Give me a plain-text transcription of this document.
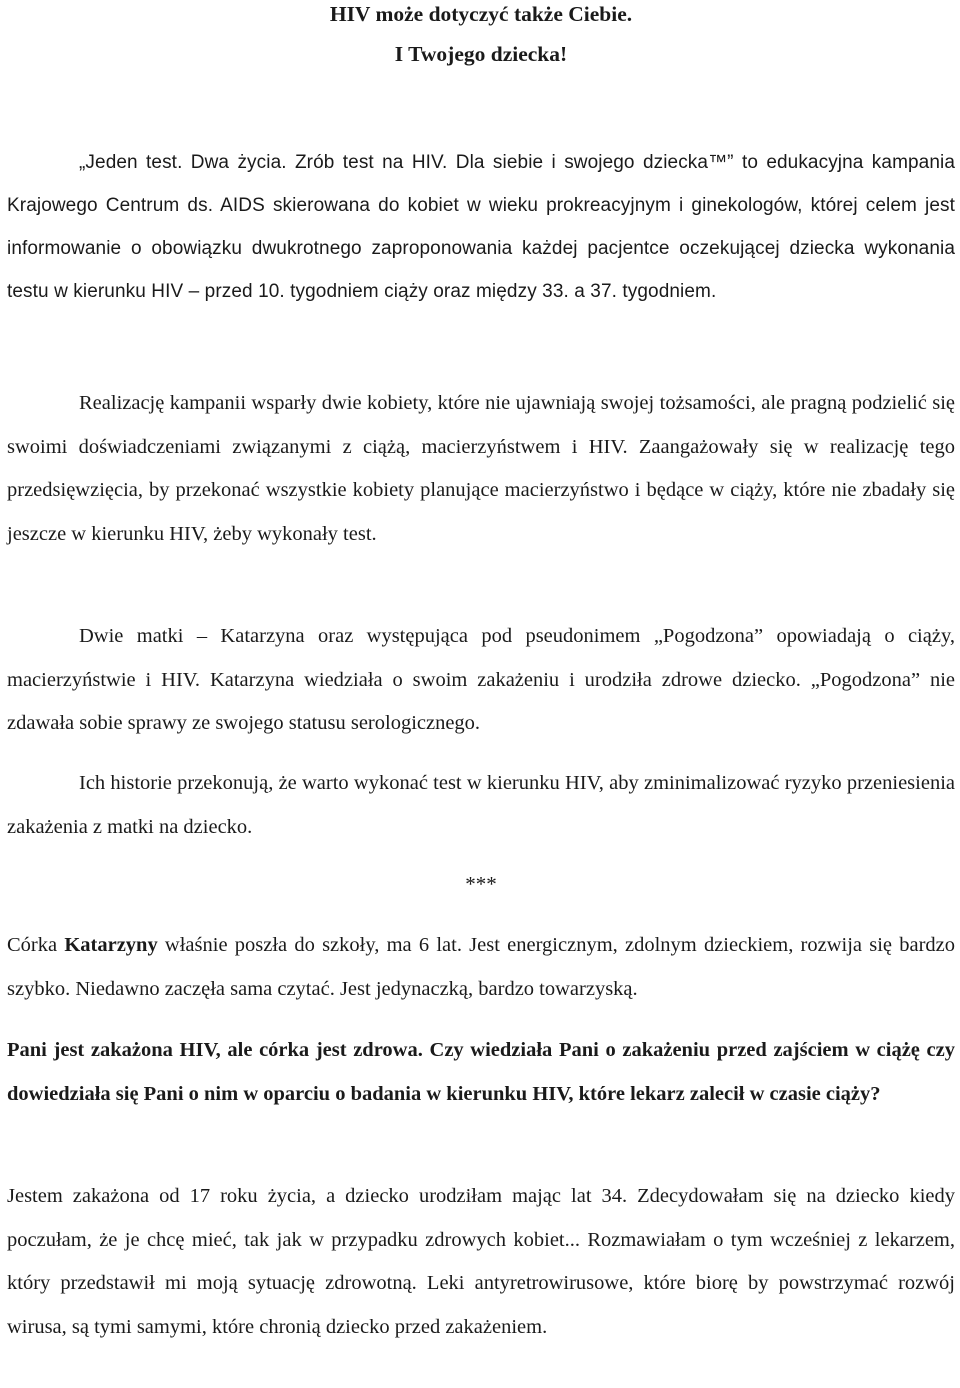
HIV może dotyczyć także Ciebie.
I Twojego dziecka!

„Jeden test. Dwa życia. Zrób test na HIV. Dla siebie i swojego dziecka™” to edukacyjna kampania Krajowego Centrum ds. AIDS skierowana do kobiet w wieku prokreacyjnym i ginekologów, której celem jest informowanie o obowiązku dwukrotnego zaproponowania każdej pacjentce oczekującej dziecka wykonania testu w kierunku HIV – przed 10. tygodniem ciąży oraz między 33. a 37. tygodniem.

Realizację kampanii wsparły dwie kobiety, które nie ujawniają swojej tożsamości, ale pragną podzielić się swoimi doświadczeniami związanymi z ciążą, macierzyństwem i HIV. Zaangażowały się w realizację tego przedsięwzięcia, by przekonać wszystkie kobiety planujące macierzyństwo i będące w ciąży, które nie zbadały się jeszcze w kierunku HIV, żeby wykonały test.

Dwie matki – Katarzyna oraz występująca pod pseudonimem „Pogodzona” opowiadają o ciąży, macierzyństwie i HIV. Katarzyna wiedziała o swoim zakażeniu i urodziła zdrowe dziecko. „Pogodzona” nie zdawała sobie sprawy ze swojego statusu serologicznego.

Ich historie przekonują, że warto wykonać test w kierunku HIV, aby zminimalizować ryzyko przeniesienia zakażenia z matki na dziecko.

***

Córka Katarzyny właśnie poszła do szkoły, ma 6 lat. Jest energicznym, zdolnym dzieckiem, rozwija się bardzo szybko. Niedawno zaczęła sama czytać. Jest jedynaczką, bardzo towarzyską.

Pani jest zakażona HIV, ale córka jest zdrowa. Czy wiedziała Pani o zakażeniu przed zajściem w ciążę czy dowiedziała się Pani o nim w oparciu o badania w kierunku HIV, które lekarz zalecił w czasie ciąży?

Jestem zakażona od 17 roku życia, a dziecko urodziłam mając lat 34. Zdecydowałam się na dziecko kiedy poczułam, że je chcę mieć, tak jak w przypadku zdrowych kobiet... Rozmawiałam o tym wcześniej z lekarzem, który przedstawił mi moją sytuację zdrowotną. Leki antyretrowirusowe, które biorę by powstrzymać rozwój wirusa, są tymi samymi, które chronią dziecko przed zakażeniem.
